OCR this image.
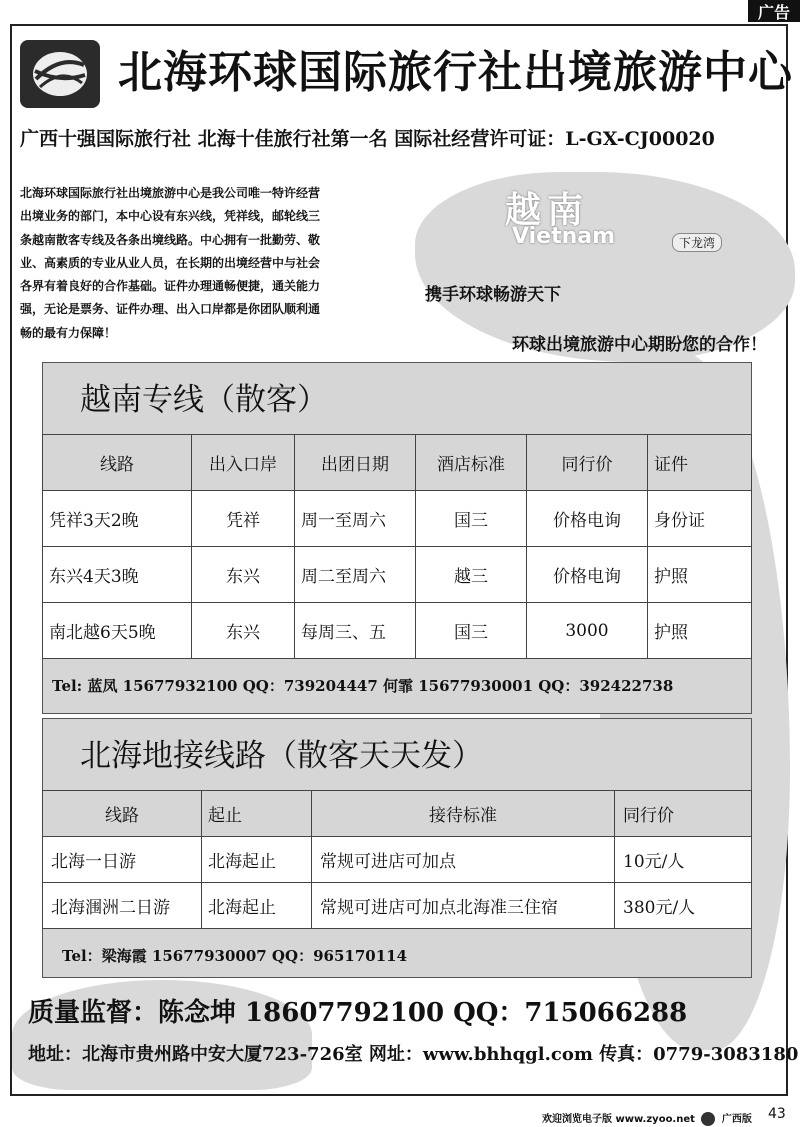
广告
北海环球国际旅行社出境旅游中心
广西十强国际旅行社 北海十佳旅行社第一名 国际社经营许可证：L-GX-CJ00020
北海环球国际旅行社出境旅游中心是我公司唯一特许经营
出境业务的部门，本中心设有东兴线，凭祥线，邮轮线三
条越南散客专线及各条出境线路。中心拥有一批勤劳、敬
业、高素质的专业从业人员，在长期的出境经营中与社会
各界有着良好的合作基础。证件办理通畅便捷，通关能力
强，无论是票务、证件办理、出入口岸都是你团队顺利通
畅的最有力保障！
越南
Vietnam	下龙湾
携手环球畅游天下
环球出境旅游中心期盼您的合作！
越南专线（散客）
线路	出入口岸	出团日期	酒店标准	同行价	证件
凭祥3天2晚	凭祥	周一至周六	国三	价格电询	身份证
东兴4天3晚	东兴	周二至周六	越三	价格电询	护照
南北越6天5晚	东兴	每周三、五	国三	3000	护照
Tel: 蓝凤 15677932100 QQ：739204447 何霏 15677930001 QQ：392422738
北海地接线路（散客天天发）
线路	起止	接待标准	同行价
北海一日游	北海起止	常规可进店可加点	10元/人
北海涠洲二日游	北海起止	常规可进店可加点北海准三住宿	380元/人
Tel：梁海霞 15677930007 QQ：965170114
质量监督：陈念坤 18607792100 QQ：715066288
地址：北海市贵州路中安大厦723-726室 网址：www.bhhqgl.com 传真：0779-3083180
欢迎浏览电子版 www.zyoo.net	广西版 43
